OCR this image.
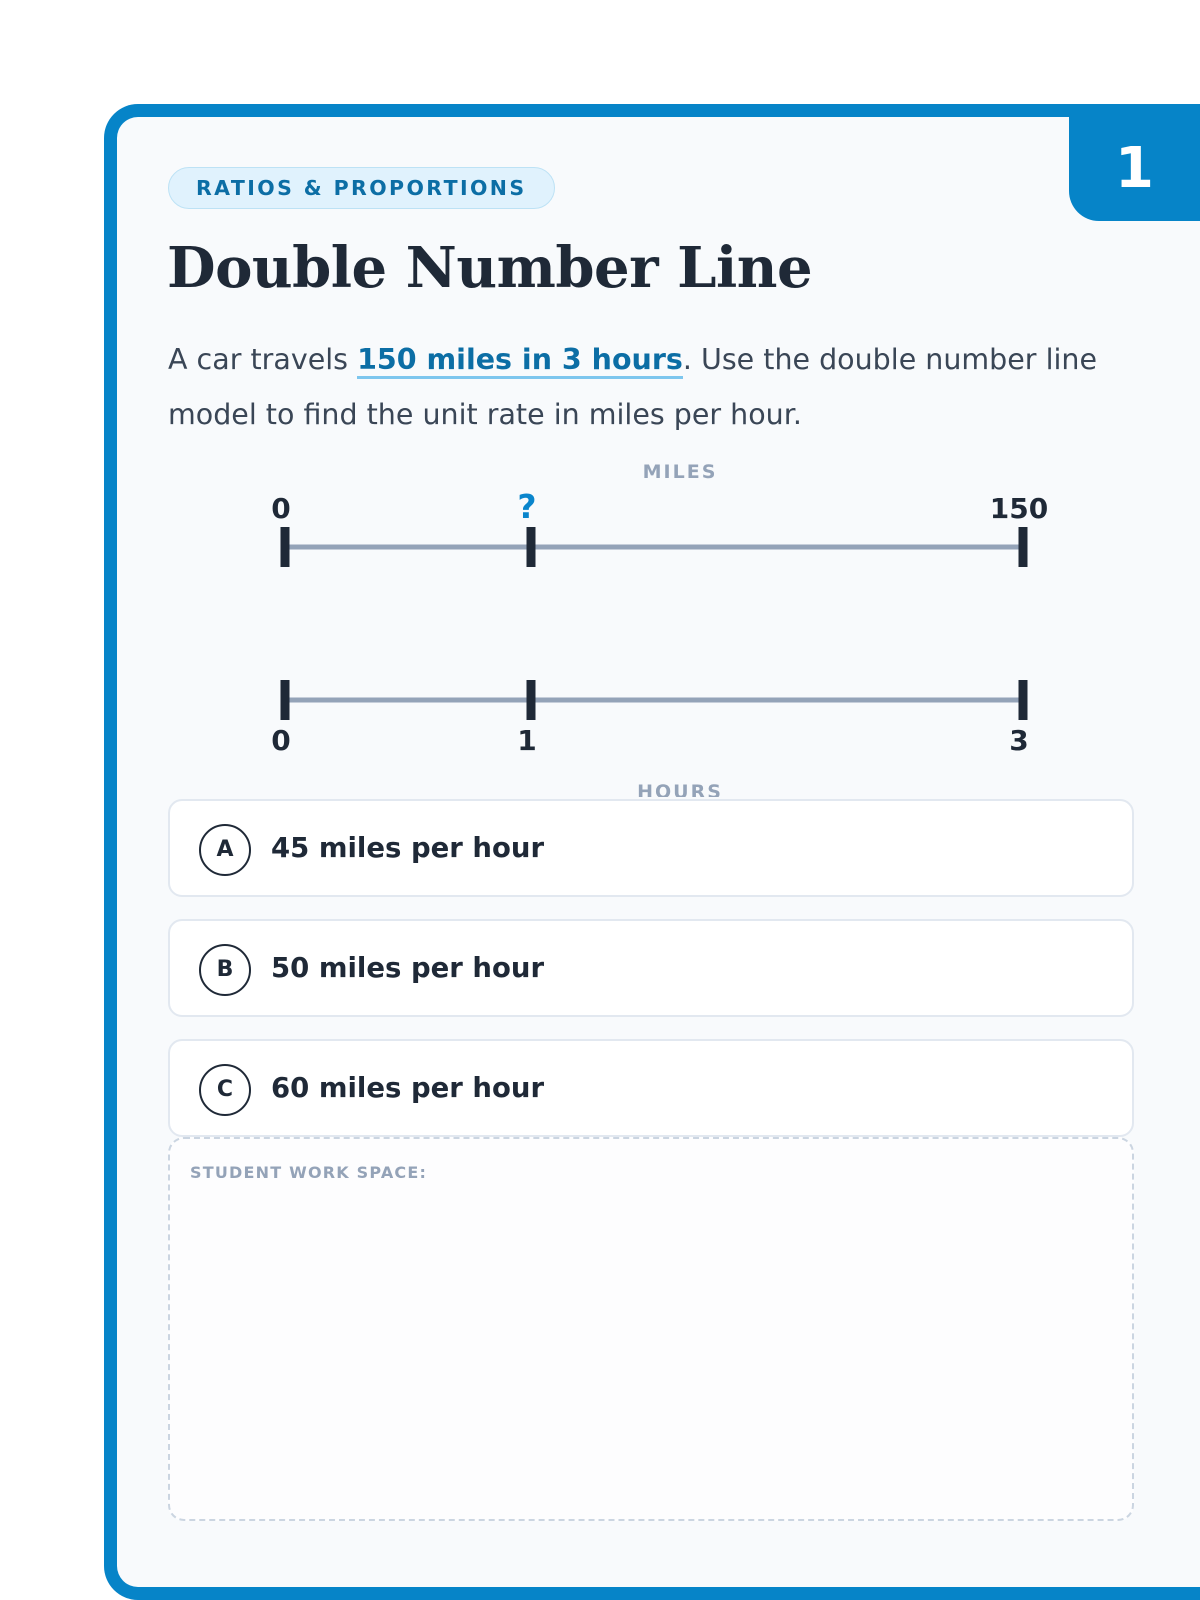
1
RATIOS & PROPORTIONS
Double Number Line
A car travels 150 miles in 3 hours. Use the double number line model to find the unit rate in miles per hour.
MILES
HOURS
0	?	150
0	1	3
A	45 miles per hour
B	50 miles per hour
C	60 miles per hour
STUDENT WORK SPACE:
